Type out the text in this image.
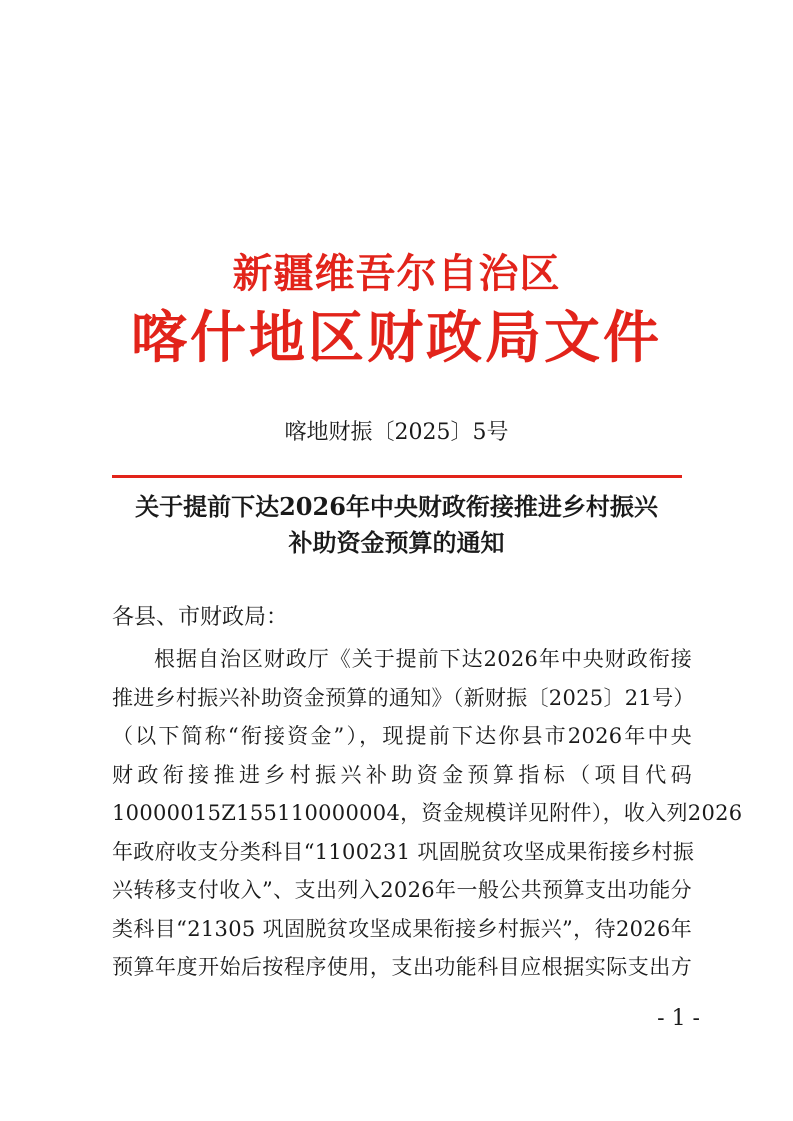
新疆维吾尔自治区
喀什地区财政局文件
喀地财振〔2025〕5号
关于提前下达2026年中央财政衔接推进乡村振兴
补助资金预算的通知
各县、市财政局：
根据自治区财政厅《关于提前下达2026年中央财政衔接
推进乡村振兴补助资金预算的通知》（新财振〔2025〕21号）
（以下简称“衔接资金”），现提前下达你县市2026年中央
财政衔接推进乡村振兴补助资金预算指标（项目代码
10000015Z155110000004，资金规模详见附件），收入列2026
年政府收支分类科目“1100231 巩固脱贫攻坚成果衔接乡村振
兴转移支付收入”、支出列入2026年一般公共预算支出功能分
类科目“21305 巩固脱贫攻坚成果衔接乡村振兴”，待2026年
预算年度开始后按程序使用，支出功能科目应根据实际支出方
- 1 -
